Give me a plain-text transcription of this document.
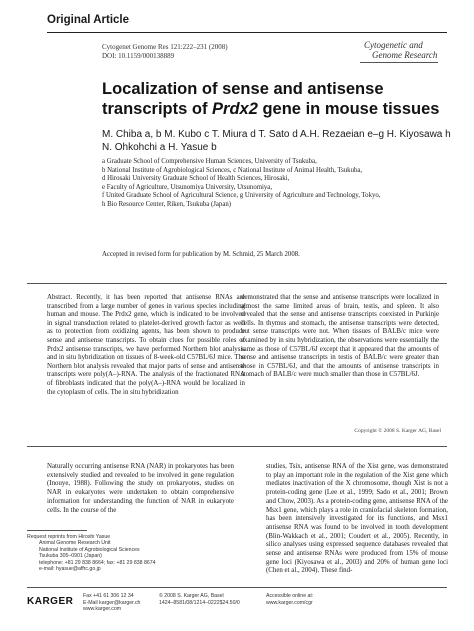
Original Article
Cytogenet Genome Res 121:222–231 (2008)
DOI: 10.1159/000138889
Cytogenetic and
Genome Research
Localization of sense and antisense transcripts of Prdx2 gene in mouse tissues
M. Chiba a, b M. Kubo c T. Miura d T. Sato d A.H. Rezaeian e–g H. Kiyosawa h
N. Ohkohchi a H. Yasue b
a Graduate School of Comprehensive Human Sciences, University of Tsukuba,
b National Institute of Agrobiological Sciences, c National Institute of Animal Health, Tsukuba,
d Hirosaki University Graduate School of Health Sciences, Hirosaki,
e Faculty of Agriculture, Utsunomiya University, Utsunomiya,
f United Graduate School of Agricultural Science, g University of Agriculture and Technology, Tokyo,
h Bio Resource Center, Riken, Tsukuba (Japan)
Accepted in revised form for publication by M. Schmid, 25 March 2008.
Abstract. Recently, it has been reported that antisense RNAs are transcribed from a large number of genes in various species including human and mouse. The Prdx2 gene, which is indicated to be involved in signal transduction related to platelet-derived growth factor as well as to protection from oxidizing agents, has been shown to produce sense and antisense transcripts. To obtain clues for possible roles of Prdx2 antisense transcripts, we have performed Northern blot analysis and in situ hybridization on tissues of 8-week-old C57BL/6J mice. The Northern blot analysis revealed that major parts of sense and antisense transcripts were poly(A–)-RNA. The analysis of the fractionated RNA of fibroblasts indicated that the poly(A–)-RNA would be localized in the cytoplasm of cells. The in situ hybridization
demonstrated that the sense and antisense transcripts were localized in almost the same limited areas of brain, testis, and spleen. It also revealed that the sense and antisense transcripts coexisted in Purkinje cells. In thymus and stomach, the antisense transcripts were detected, but sense transcripts were not. When tissues of BALB/c mice were examined by in situ hybridization, the observations were essentially the same as those of C57BL/6J except that it appeared that the amounts of sense and antisense transcripts in testis of BALB/c were greater than those in C57BL/6J, and that the amounts of antisense transcripts in stomach of BALB/c were much smaller than those in C57BL/6J.
Copyright © 2008 S. Karger AG, Basel
Naturally occurring antisense RNA (NAR) in prokaryotes has been extensively studied and revealed to be involved in gene regulation (Inouye, 1988). Following the study on prokaryotes, studies on NAR in eukaryotes were undertaken to obtain comprehensive information for understanding the function of NAR in eukaryote cells. In the course of the
studies, Tsix, antisense RNA of the Xist gene, was demonstrated to play an important role in the regulation of the Xist gene which mediates inactivation of the X chromosome, though Xist is not a protein-coding gene (Lee et al., 1999; Sado et al., 2001; Brown and Chow, 2003). As a protein-coding gene, antisense RNA of the Msx1 gene, which plays a role in craniofacial skeleton formation, has been intensively investigated for its functions, and Msx1 antisense RNA was found to be involved in tooth development (Blin-Wakkach et al., 2001; Coudert et al., 2005). Recently, in silico analyses using expressed sequence databases revealed that sense and antisense RNAs were produced from 15% of mouse gene loci (Kiyosawa et al., 2003) and 20% of human gene loci (Chen et al., 2004). These find-
Request reprints from Hiroshi Yasue
Animal Genome Research Unit
National Institute of Agrobiological Sciences
Tsukuba 305–0901 (Japan)
telephone: +81 29 838 8664; fax: +81 29 838 8674
e-mail: hyasue@affrc.go.jp
KARGER Fax +41 61 306 12 34
E-Mail karger@karger.ch
www.karger.com
© 2008 S. Karger AG, Basel
1424–8581/08/1214–0222$24.50/0
Accessible online at:
www.karger.com/cgr
